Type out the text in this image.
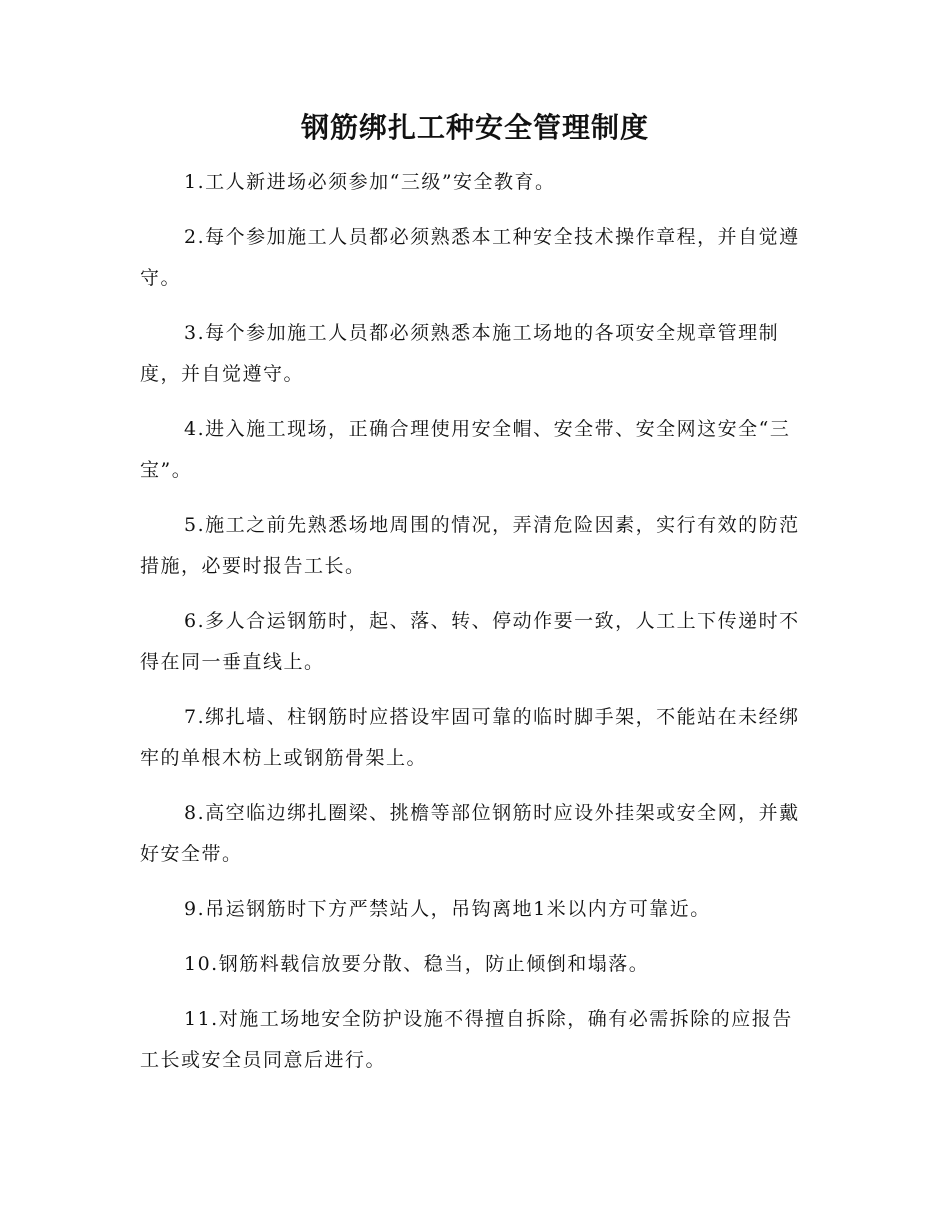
钢筋绑扎工种安全管理制度

1.工人新进场必须参加“三级”安全教育。

2.每个参加施工人员都必须熟悉本工种安全技术操作章程，并自觉遵守。

3.每个参加施工人员都必须熟悉本施工场地的各项安全规章管理制度，并自觉遵守。

4.进入施工现场，正确合理使用安全帽、安全带、安全网这安全“三宝”。

5.施工之前先熟悉场地周围的情况，弄清危险因素，实行有效的防范措施，必要时报告工长。

6.多人合运钢筋时，起、落、转、停动作要一致，人工上下传递时不得在同一垂直线上。

7.绑扎墙、柱钢筋时应搭设牢固可靠的临时脚手架，不能站在未经绑牢的单根木枋上或钢筋骨架上。

8.高空临边绑扎圈梁、挑檐等部位钢筋时应设外挂架或安全网，并戴好安全带。

9.吊运钢筋时下方严禁站人，吊钩离地1米以内方可靠近。

10.钢筋料载信放要分散、稳当，防止倾倒和塌落。

11.对施工场地安全防护设施不得擅自拆除，确有必需拆除的应报告工长或安全员同意后进行。
